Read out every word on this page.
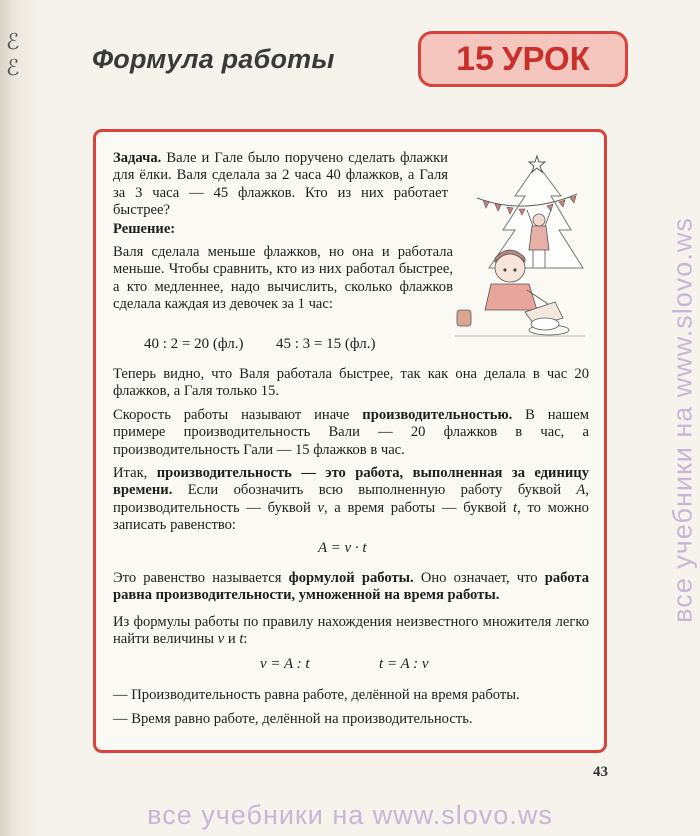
ℰ
ℰ	Формула работы	15 УРОК
все учебники на www.slovo.ws
Задача. Вале и Гале было поручено сделать флажки для ёлки. Валя сделала за 2 часа 40 флажков, а Галя за 3 часа — 45 флажков. Кто из них работает быстрее?
Решение:
Валя сделала меньше флажков, но она и работала меньше. Чтобы сравнить, кто из них работал быстрее, а кто медленнее, надо вычислить, сколько флажков сделала каждая из девочек за 1 час:
40 : 2 = 20 (фл.) 45 : 3 = 15 (фл.)
Теперь видно, что Валя работала быстрее, так как она делала в час 20 флажков, а Галя только 15.
Скорость работы называют иначе производительностью. В нашем примере производительность Вали — 20 флажков в час, а производительность Гали — 15 флажков в час.
Итак, производительность — это работа, выполненная за единицу времени. Если обозначить всю выполненную работу буквой A, производительность — буквой v, а время работы — буквой t, то можно записать равенство:
A = v · t
Это равенство называется формулой работы. Оно означает, что работа равна производительности, умноженной на время работы.
Из формулы работы по правилу нахождения неизвестного множителя легко найти величины v и t:
v = A : t	t = A : v
— Производительность равна работе, делённой на время работы.
— Время равно работе, делённой на производительность.
43
все учебники на www.slovo.ws
